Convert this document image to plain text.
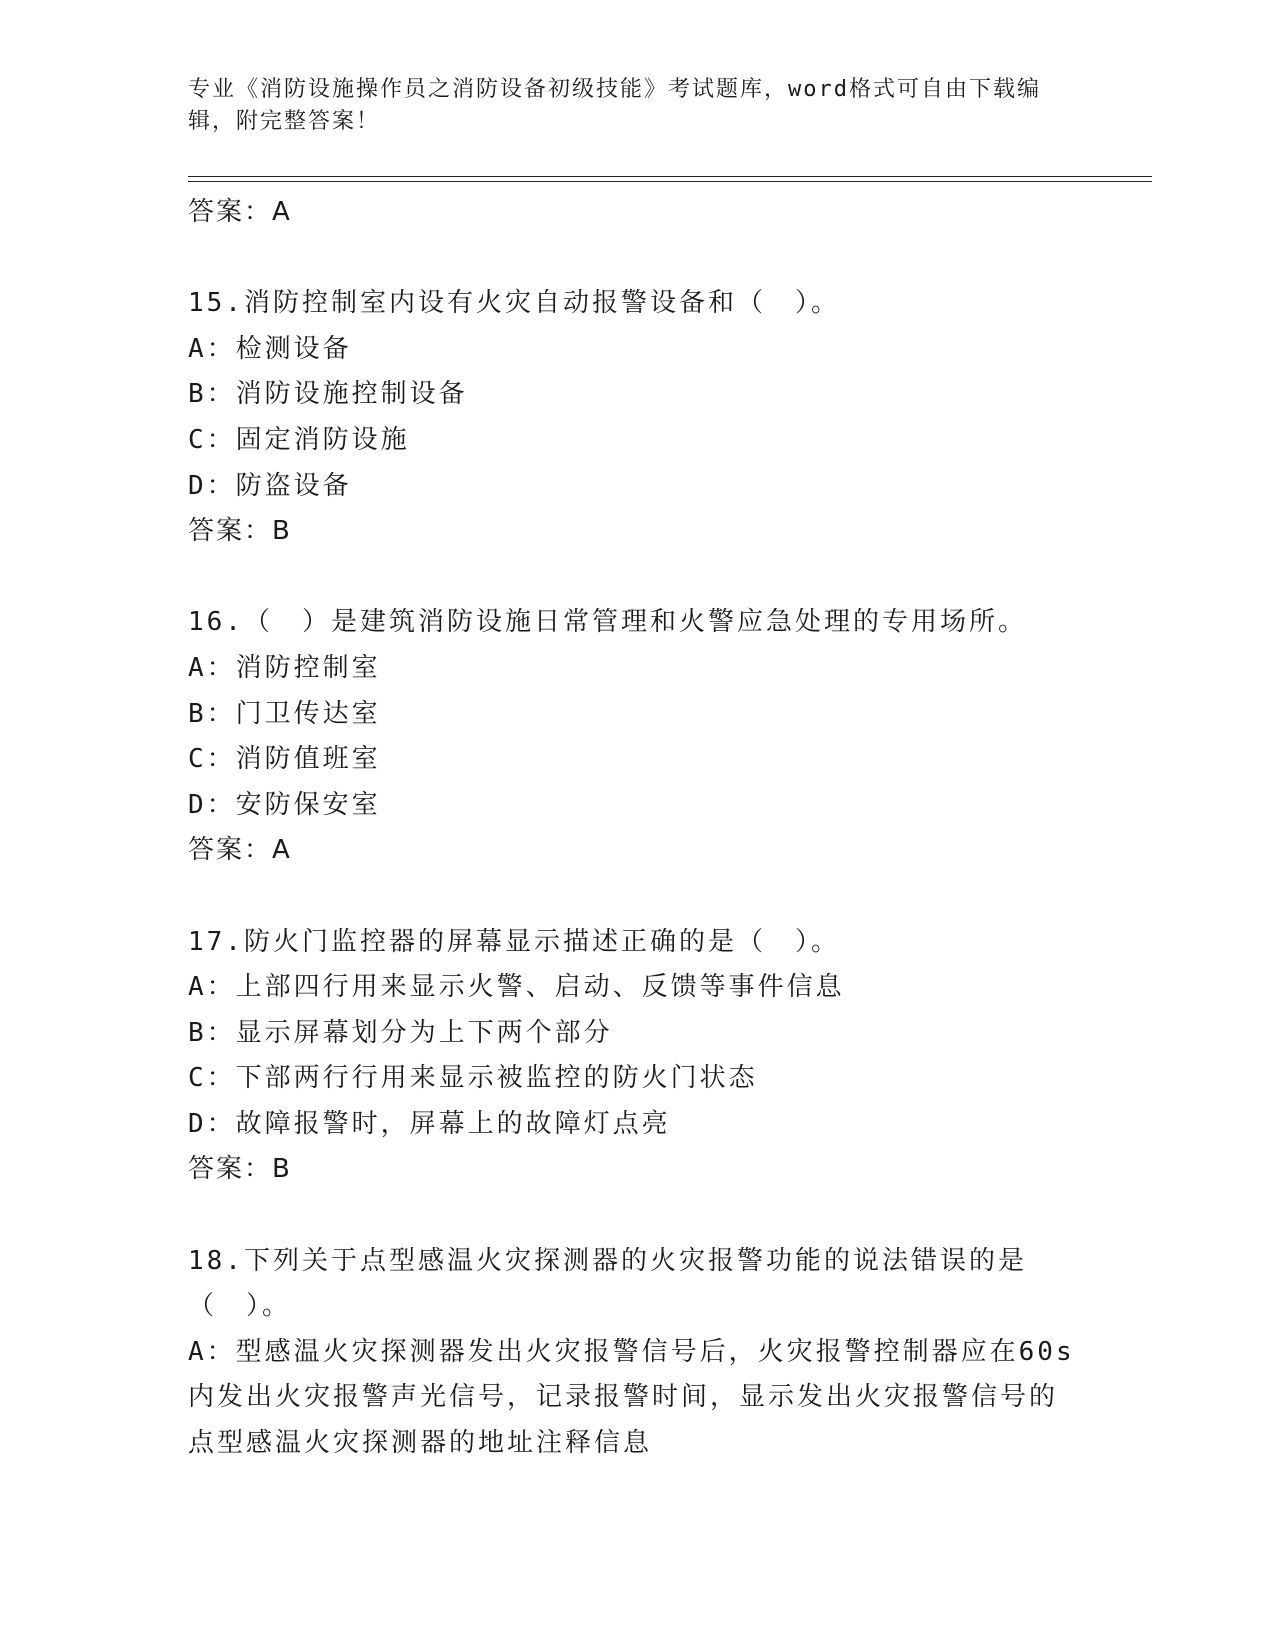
专业《消防设施操作员之消防设备初级技能》考试题库，word格式可自由下载编辑，附完整答案！
答案：A
15.消防控制室内设有火灾自动报警设备和（　）。
A：检测设备
B：消防设施控制设备
C：固定消防设施
D：防盗设备
答案：B
16.（　）是建筑消防设施日常管理和火警应急处理的专用场所。
A：消防控制室
B：门卫传达室
C：消防值班室
D：安防保安室
答案：A
17.防火门监控器的屏幕显示描述正确的是（　）。
A：上部四行用来显示火警、启动、反馈等事件信息
B：显示屏幕划分为上下两个部分
C：下部两行行用来显示被监控的防火门状态
D：故障报警时，屏幕上的故障灯点亮
答案：B
18.下列关于点型感温火灾探测器的火灾报警功能的说法错误的是（　）。
A：型感温火灾探测器发出火灾报警信号后，火灾报警控制器应在60s内发出火灾报警声光信号，记录报警时间，显示发出火灾报警信号的点型感温火灾探测器的地址注释信息
